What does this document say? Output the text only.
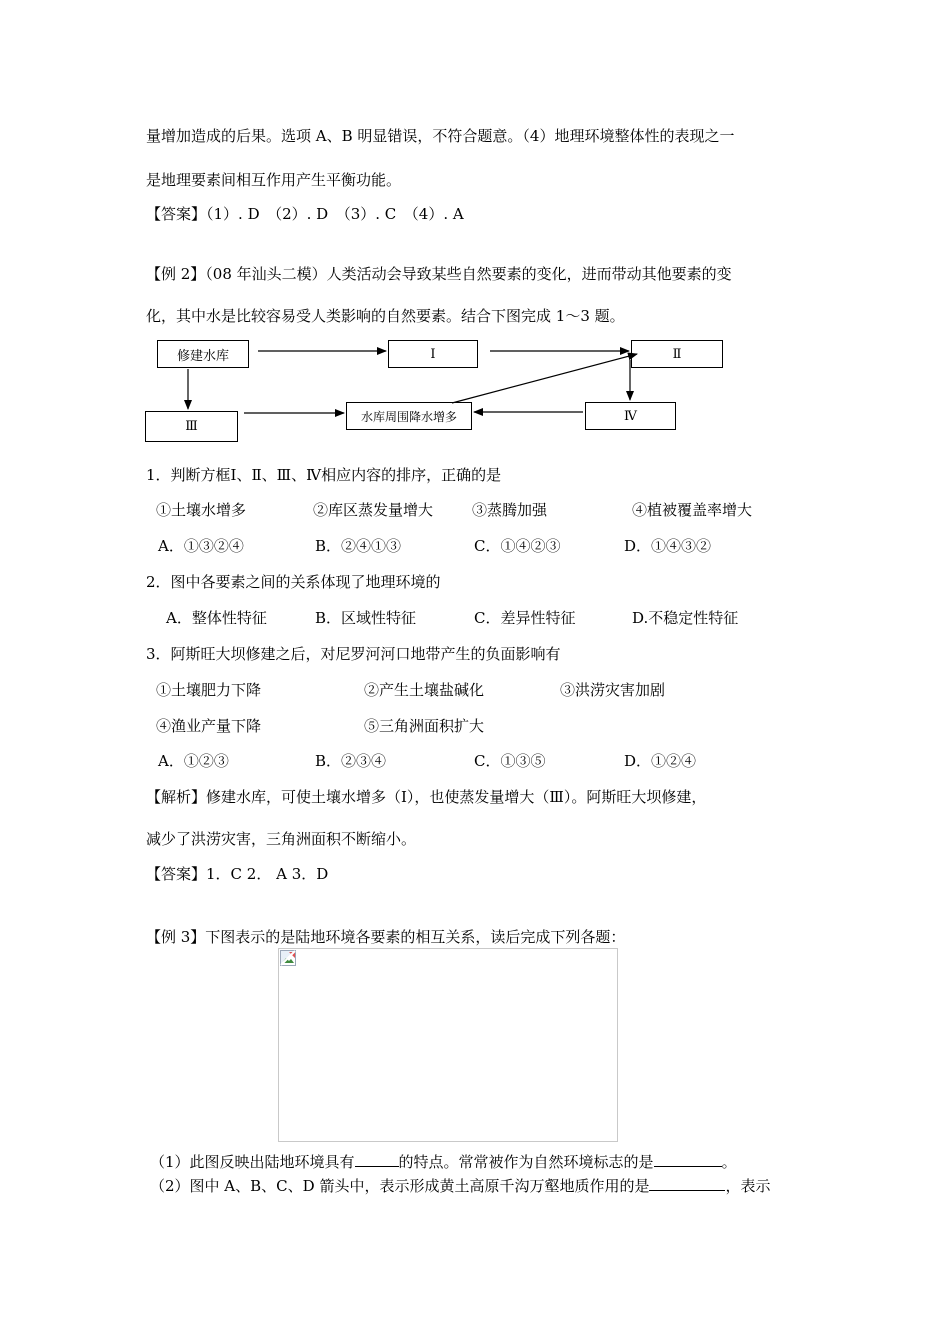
量增加造成的后果。选项 A、B 明显错误，不符合题意。（4）地理环境整体性的表现之一
是地理要素间相互作用产生平衡功能。
【答案】（1）. D　（2）. D　（3）. C　（4）. A
【例 2】（08 年汕头二模）人类活动会导致某些自然要素的变化，进而带动其他要素的变
化，其中水是比较容易受人类影响的自然要素。结合下图完成 1～3 题。
修建水库	Ⅰ	Ⅱ
Ⅲ
水库周围降水增多	Ⅳ
1．判断方框Ⅰ、Ⅱ、Ⅲ、Ⅳ相应内容的排序，正确的是
①土壤水增多	②库区蒸发量增大	③蒸腾加强	④植被覆盖率增大
A．①③②④	B．②④①③	C．①④②③	D．①④③②
2．图中各要素之间的关系体现了地理环境的
A．整体性特征	B．区域性特征	C．差异性特征	D.不稳定性特征
3．阿斯旺大坝修建之后，对尼罗河河口地带产生的负面影响有
①土壤肥力下降	②产生土壤盐碱化	③洪涝灾害加剧
④渔业产量下降	⑤三角洲面积扩大
A．①②③	B．②③④	C．①③⑤	D．①②④
【解析】修建水库，可使土壤水增多（Ⅰ），也使蒸发量增大（Ⅲ）。阿斯旺大坝修建，
减少了洪涝灾害，三角洲面积不断缩小。
【答案】1．C 2． A 3．D
【例 3】下图表示的是陆地环境各要素的相互关系，读后完成下列各题：
（1）此图反映出陆地环境具有	的特点。常常被作为自然环境标志的是	。
（2）图中 A、B、C、D 箭头中，表示形成黄土高原千沟万壑地质作用的是	，表示
